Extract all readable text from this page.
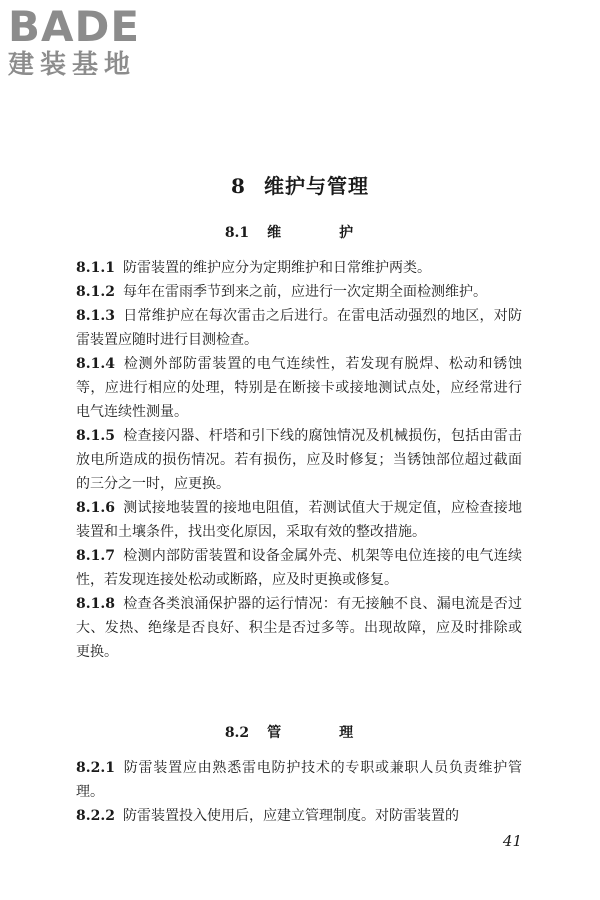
BADE
建装基地
8 维护与管理
8.1 维　护

8.1.1 防雷装置的维护应分为定期维护和日常维护两类。

8.1.2 每年在雷雨季节到来之前，应进行一次定期全面检测维护。

8.1.3 日常维护应在每次雷击之后进行。在雷电活动强烈的地区，对防雷装置应随时进行目测检查。

8.1.4 检测外部防雷装置的电气连续性，若发现有脱焊、松动和锈蚀等，应进行相应的处理，特别是在断接卡或接地测试点处，应经常进行电气连续性测量。

8.1.5 检查接闪器、杆塔和引下线的腐蚀情况及机械损伤，包括由雷击放电所造成的损伤情况。若有损伤，应及时修复；当锈蚀部位超过截面的三分之一时，应更换。

8.1.6 测试接地装置的接地电阻值，若测试值大于规定值，应检查接地装置和土壤条件，找出变化原因，采取有效的整改措施。

8.1.7 检测内部防雷装置和设备金属外壳、机架等电位连接的电气连续性，若发现连接处松动或断路，应及时更换或修复。

8.1.8 检查各类浪涌保护器的运行情况：有无接触不良、漏电流是否过大、发热、绝缘是否良好、积尘是否过多等。出现故障，应及时排除或更换。

8.2 管　理

8.2.1 防雷装置应由熟悉雷电防护技术的专职或兼职人员负责维护管理。

8.2.2 防雷装置投入使用后，应建立管理制度。对防雷装置的

41
